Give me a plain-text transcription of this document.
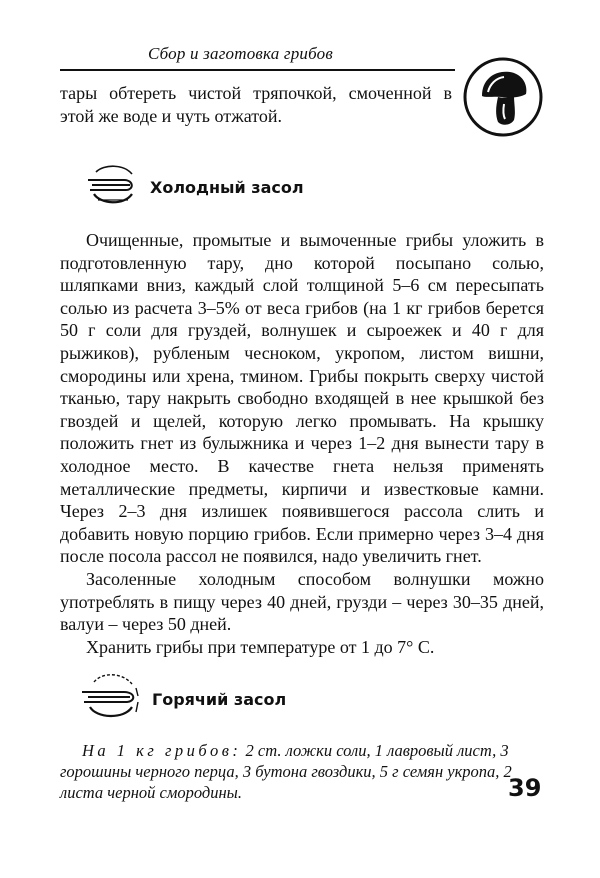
Сбор и заготовка грибов
тары обтереть чистой тряпочкой, смоченной в этой же воде и чуть отжатой.
Холодный засол

Очищенные, промытые и вымоченные грибы уложить в подготовленную тару, дно которой посыпано солью, шляпками вниз, каждый слой толщиной 5–6 см пересыпать солью из расчета 3–5% от веса грибов (на 1 кг грибов берется 50 г соли для груздей, волнушек и сыроежек и 40 г для рыжиков), рубленым чесноком, укропом, листом вишни, смородины или хрена, тмином. Грибы покрыть сверху чистой тканью, тару накрыть свободно входящей в нее крышкой без гвоздей и щелей, которую легко промывать. На крышку положить гнет из булыжника и через 1–2 дня вынести тару в холодное место. В качестве гнета нельзя применять металлические предметы, кирпичи и известковые камни. Через 2–3 дня излишек появившегося рассола слить и добавить новую порцию грибов. Если примерно через 3–4 дня после посола рассол не появился, надо увеличить гнет.

Засоленные холодным способом волнушки можно употреблять в пищу через 40 дней, грузди – через 30–35 дней, валуи – через 50 дней.

Хранить грибы при температуре от 1 до 7° С.

Горячий засол

На 1 кг грибов: 2 ст. ложки соли, 1 лавровый лист, 3 горошины черного перца, 3 бутона гвоздики, 5 г семян укропа, 2 листа черной смородины.	39
